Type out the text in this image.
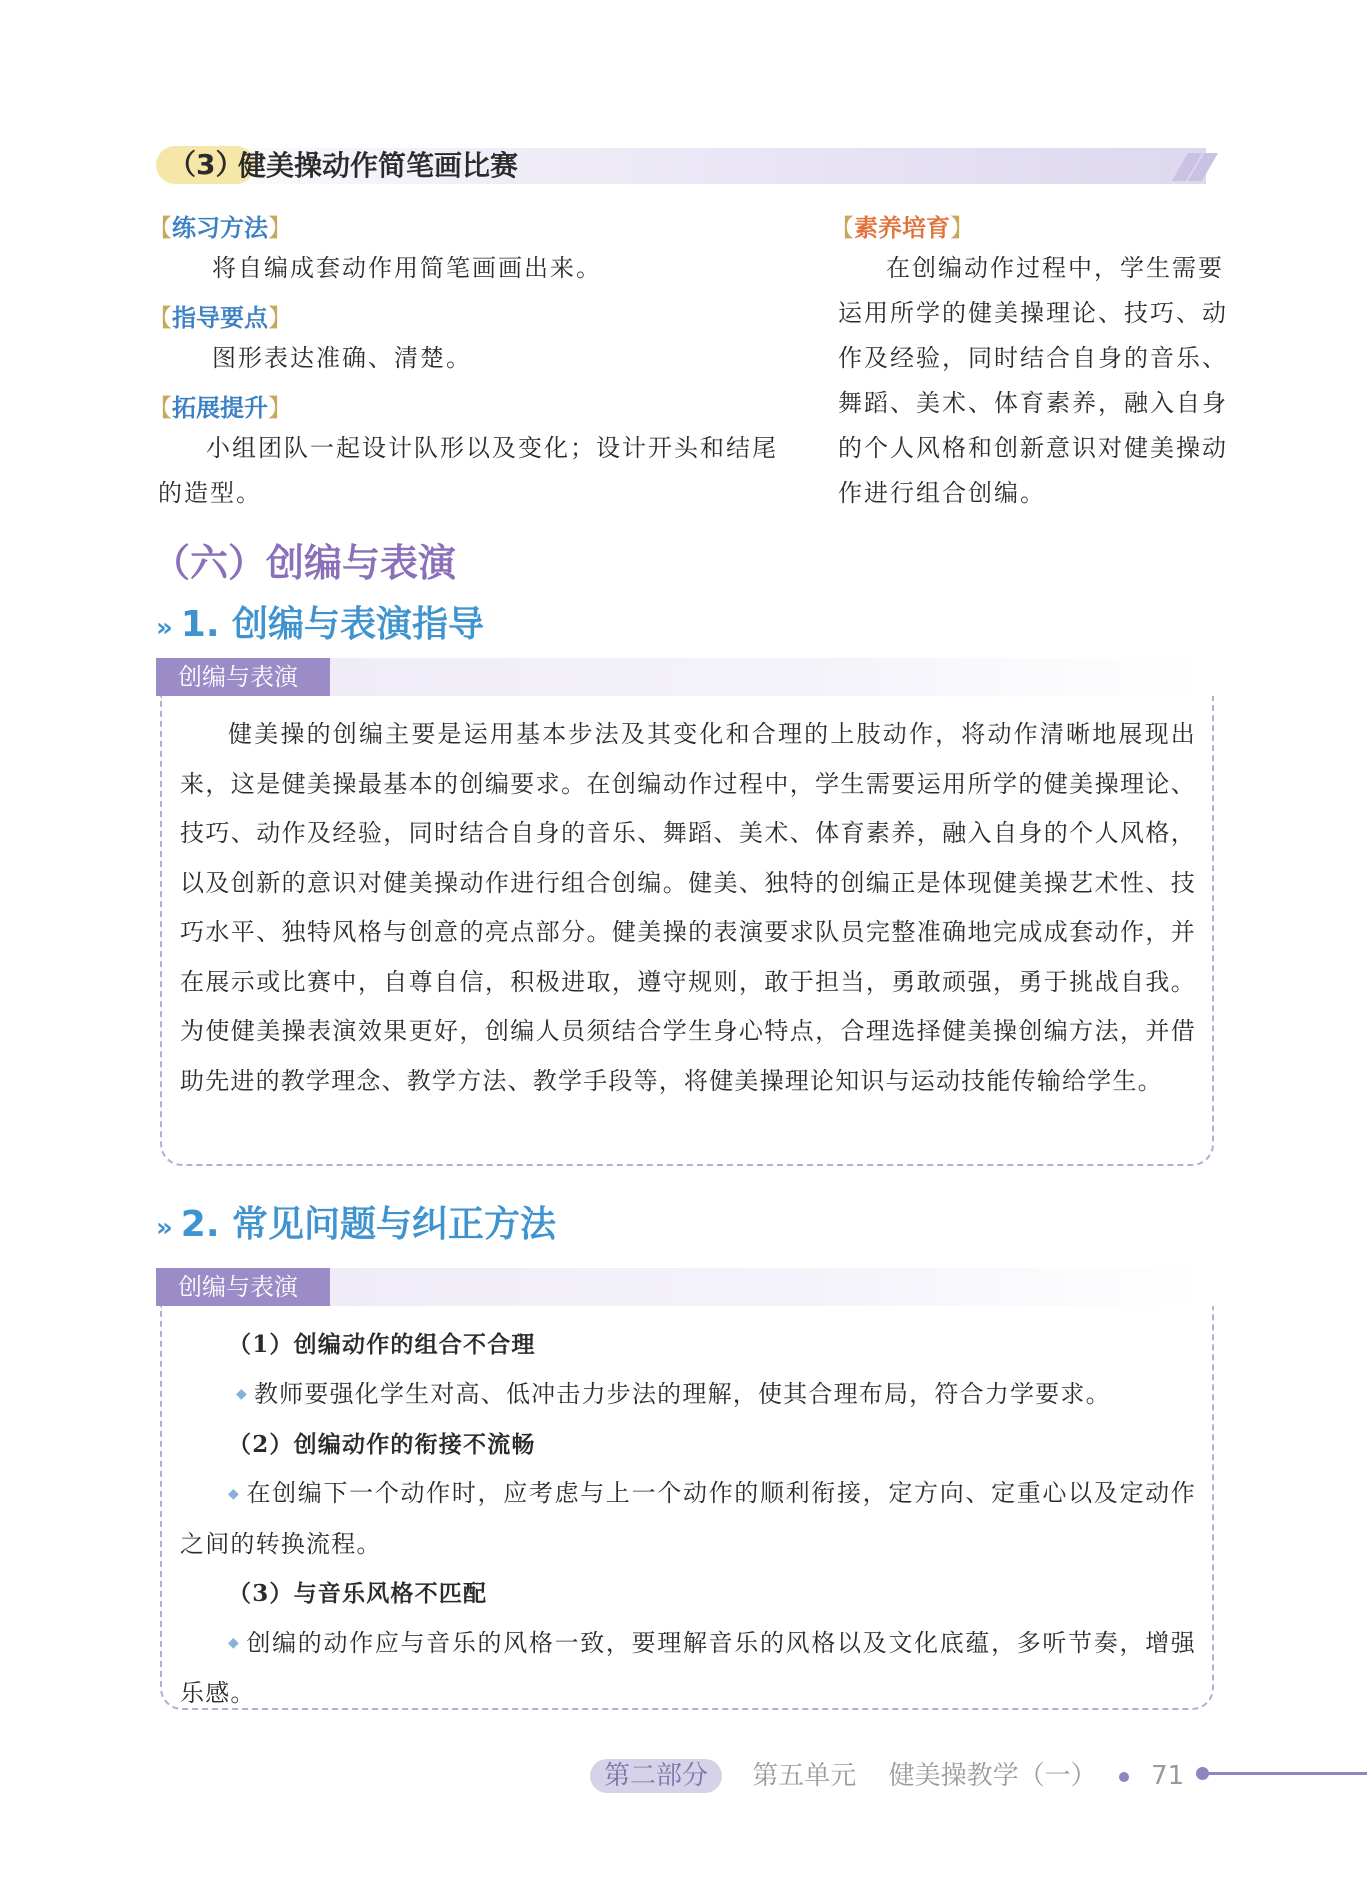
（3）
健美操动作简笔画比赛
【练习方法】
将自编成套动作用简笔画画出来。
【指导要点】
图形表达准确、清楚。
【拓展提升】
小组团队一起设计队形以及变化；设计开头和结尾的造型。
【素养培育】
在创编动作过程中，学生需要运用所学的健美操理论、技巧、动作及经验，同时结合自身的音乐、舞蹈、美术、体育素养，融入自身的个人风格和创新意识对健美操动作进行组合创编。
（六）创编与表演
» 1. 创编与表演指导
创编与表演
健美操的创编主要是运用基本步法及其变化和合理的上肢动作，将动作清晰地展现出来，这是健美操最基本的创编要求。在创编动作过程中，学生需要运用所学的健美操理论、技巧、动作及经验，同时结合自身的音乐、舞蹈、美术、体育素养，融入自身的个人风格，以及创新的意识对健美操动作进行组合创编。健美、独特的创编正是体现健美操艺术性、技巧水平、独特风格与创意的亮点部分。健美操的表演要求队员完整准确地完成成套动作，并在展示或比赛中，自尊自信，积极进取，遵守规则，敢于担当，勇敢顽强，勇于挑战自我。为使健美操表演效果更好，创编人员须结合学生身心特点，合理选择健美操创编方法，并借助先进的教学理念、教学方法、教学手段等，将健美操理论知识与运动技能传输给学生。
» 2. 常见问题与纠正方法
创编与表演
（1）创编动作的组合不合理
◆ 教师要强化学生对高、低冲击力步法的理解，使其合理布局，符合力学要求。
（2）创编动作的衔接不流畅
◆ 在创编下一个动作时，应考虑与上一个动作的顺利衔接，定方向、定重心以及定动作之间的转换流程。
（3）与音乐风格不匹配
◆ 创编的动作应与音乐的风格一致，要理解音乐的风格以及文化底蕴，多听节奏，增强乐感。
第二部分 第五单元 健美操教学（一） 71
